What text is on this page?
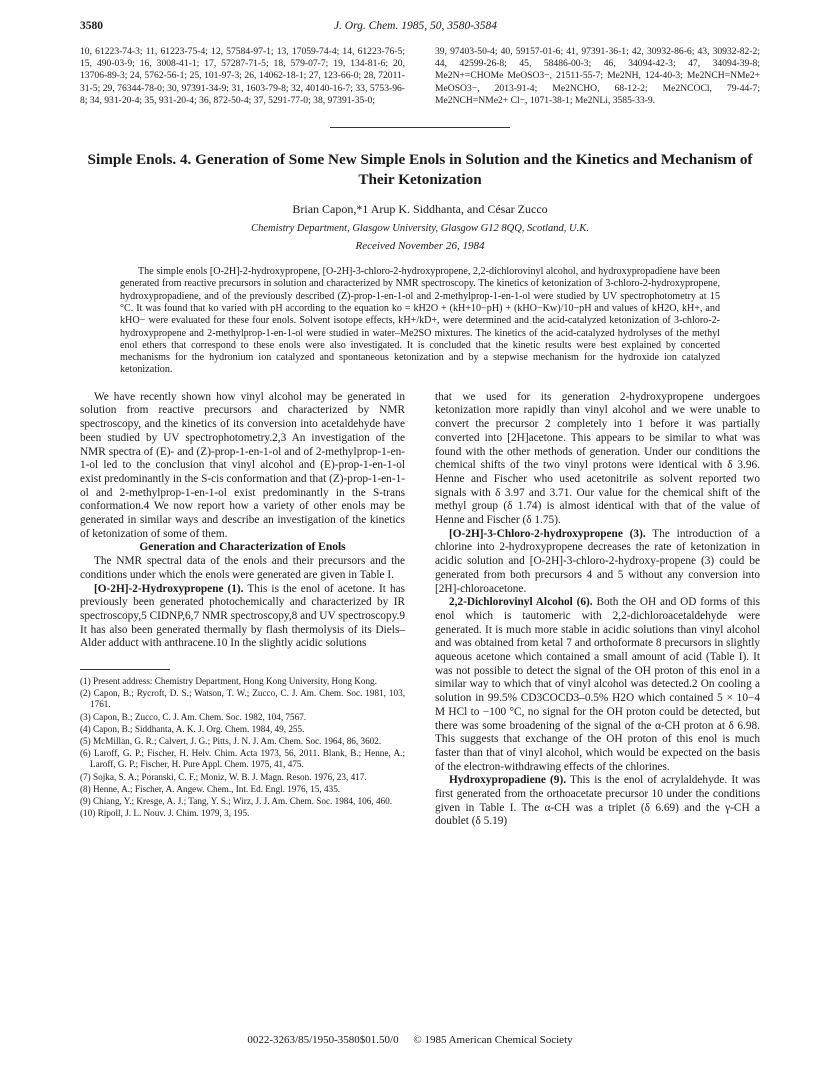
3580	J. Org. Chem. 1985, 50, 3580-3584

10, 61223-74-3; 11, 61223-75-4; 12, 57584-97-1; 13, 17059-74-4; 14, 61223-76-5; 15, 490-03-9; 16, 3008-41-1; 17, 57287-71-5; 18, 579-07-7; 19, 134-81-6; 20, 13706-89-3; 24, 5762-56-1; 25, 101-97-3; 26, 14062-18-1; 27, 123-66-0; 28, 72011-31-5; 29, 76344-78-0; 30, 97391-34-9; 31, 1603-79-8; 32, 40140-16-7; 33, 5753-96-8; 34, 931-20-4; 35, 931-20-4; 36, 872-50-4; 37, 5291-77-0; 38, 97391-35-0;

39, 97403-50-4; 40, 59157-01-6; 41, 97391-36-1; 42, 30932-86-6; 43, 30932-82-2; 44, 42599-26-8; 45, 58486-00-3; 46, 34094-42-3; 47, 34094-39-8; Me2N+=CHOMe MeOSO3−, 21511-55-7; Me2NH, 124-40-3; Me2NCH=NMe2+ MeOSO3−, 2013-91-4; Me2NCHO, 68-12-2; Me2NCOCl, 79-44-7; Me2NCH=NMe2+ Cl−, 1071-38-1; Me2NLi, 3585-33-9.

Simple Enols. 4. Generation of Some New Simple Enols in Solution and the Kinetics and Mechanism of Their Ketonization
Brian Capon,*1 Arup K. Siddhanta, and César Zucco
Chemistry Department, Glasgow University, Glasgow G12 8QQ, Scotland, U.K.
Received November 26, 1984
The simple enols [O-2H]-2-hydroxypropene, [O-2H]-3-chloro-2-hydroxypropene, 2,2-dichlorovinyl alcohol, and hydroxypropadiene have been generated from reactive precursors in solution and characterized by NMR spectroscopy. The kinetics of ketonization of 3-chloro-2-hydroxypropene, hydroxypropadiene, and of the previously described (Z)-prop-1-en-1-ol and 2-methylprop-1-en-1-ol were studied by UV spectrophotometry at 15 °C. It was found that ko varied with pH according to the equation ko = kH2O + (kH+10−pH) + (kHO−Kw)/10−pH and values of kH2O, kH+, and kHO− were evaluated for these four enols. Solvent isotope effects, kH+/kD+, were determined and the acid-catalyzed ketonization of 3-chloro-2-hydroxypropene and 2-methylprop-1-en-1-ol were studied in water–Me2SO mixtures. The kinetics of the acid-catalyzed hydrolyses of the methyl enol ethers that correspond to these enols were also investigated. It is concluded that the kinetic results were best explained by concerted mechanisms for the hydronium ion catalyzed and spontaneous ketonization and by a stepwise mechanism for the hydroxide ion catalyzed ketonization.

We have recently shown how vinyl alcohol may be generated in solution from reactive precursors and characterized by NMR spectroscopy, and the kinetics of its conversion into acetaldehyde have been studied by UV spectrophotometry.2,3 An investigation of the NMR spectra of (E)- and (Z)-prop-1-en-1-ol and of 2-methylprop-1-en-1-ol led to the conclusion that vinyl alcohol and (E)-prop-1-en-1-ol exist predominantly in the S-cis conformation and that (Z)-prop-1-en-1-ol and 2-methylprop-1-en-1-ol exist predominantly in the S-trans conformation.4 We now report how a variety of other enols may be generated in similar ways and describe an investigation of the kinetics of ketonization of some of them.

Generation and Characterization of Enols

The NMR spectral data of the enols and their precursors and the conditions under which the enols were generated are given in Table I.

[O-2H]-2-Hydroxypropene (1). This is the enol of acetone. It has previously been generated photochemically and characterized by IR spectroscopy,5 CIDNP,6,7 NMR spectroscopy,8 and UV spectroscopy.9 It has also been generated thermally by flash thermolysis of its Diels–Alder adduct with anthracene.10 In the slightly acidic solutions

(1) Present address: Chemistry Department, Hong Kong University, Hong Kong.

(2) Capon, B.; Rycroft, D. S.; Watson, T. W.; Zucco, C. J. Am. Chem. Soc. 1981, 103, 1761.

(3) Capon, B.; Zucco, C. J. Am. Chem. Soc. 1982, 104, 7567.

(4) Capon, B.; Siddhanta, A. K. J. Org. Chem. 1984, 49, 255.

(5) McMillan, G. R.; Calvert, J. G.; Pitts, J. N. J. Am. Chem. Soc. 1964, 86, 3602.

(6) Laroff, G. P.; Fischer, H. Helv. Chim. Acta 1973, 56, 2011. Blank, B.; Henne, A.; Laroff, G. P.; Fischer, H. Pure Appl. Chem. 1975, 41, 475.

(7) Sojka, S. A.; Poranski, C. F.; Moniz, W. B. J. Magn. Reson. 1976, 23, 417.

(8) Henne, A.; Fischer, A. Angew. Chem., Int. Ed. Engl. 1976, 15, 435.

(9) Chiang, Y.; Kresge, A. J.; Tang, Y. S.; Wirz, J. J. Am. Chem. Soc. 1984, 106, 460.

(10) Ripoll, J. L. Nouv. J. Chim. 1979, 3, 195.

that we used for its generation 2-hydroxypropene undergoes ketonization more rapidly than vinyl alcohol and we were unable to convert the precursor 2 completely into 1 before it was partially converted into [2H]acetone. This appears to be similar to what was found with the other methods of generation. Under our conditions the chemical shifts of the two vinyl protons were identical with δ 3.96. Henne and Fischer who used acetonitrile as solvent reported two signals with δ 3.97 and 3.71. Our value for the chemical shift of the methyl group (δ 1.74) is almost identical with that of the value of Henne and Fischer (δ 1.75).

[O-2H]-3-Chloro-2-hydroxypropene (3). The introduction of a chlorine into 2-hydroxypropene decreases the rate of ketonization in acidic solution and [O-2H]-3-chloro-2-hydroxy-propene (3) could be generated from both precursors 4 and 5 without any conversion into [2H]-chloroacetone.

2,2-Dichlorovinyl Alcohol (6). Both the OH and OD forms of this enol which is tautomeric with 2,2-dichloroacetaldehyde were generated. It is much more stable in acidic solutions than vinyl alcohol and was obtained from ketal 7 and orthoformate 8 precursors in slightly aqueous acetone which contained a small amount of acid (Table I). It was not possible to detect the signal of the OH proton of this enol in a similar way to which that of vinyl alcohol was detected.2 On cooling a solution in 99.5% CD3COCD3–0.5% H2O which contained 5 × 10−4 M HCl to −100 °C, no signal for the OH proton could be detected, but there was some broadening of the signal of the α-CH proton at δ 6.98. This suggests that exchange of the OH proton of this enol is much faster than that of vinyl alcohol, which would be expected on the basis of the electron-withdrawing effects of the chlorines.

Hydroxypropadiene (9). This is the enol of acrylaldehyde. It was first generated from the orthoacetate precursor 10 under the conditions given in Table I. The α-CH was a triplet (δ 6.69) and the γ-CH a doublet (δ 5.19)

0022-3263/85/1950-3580$01.50/0 © 1985 American Chemical Society
